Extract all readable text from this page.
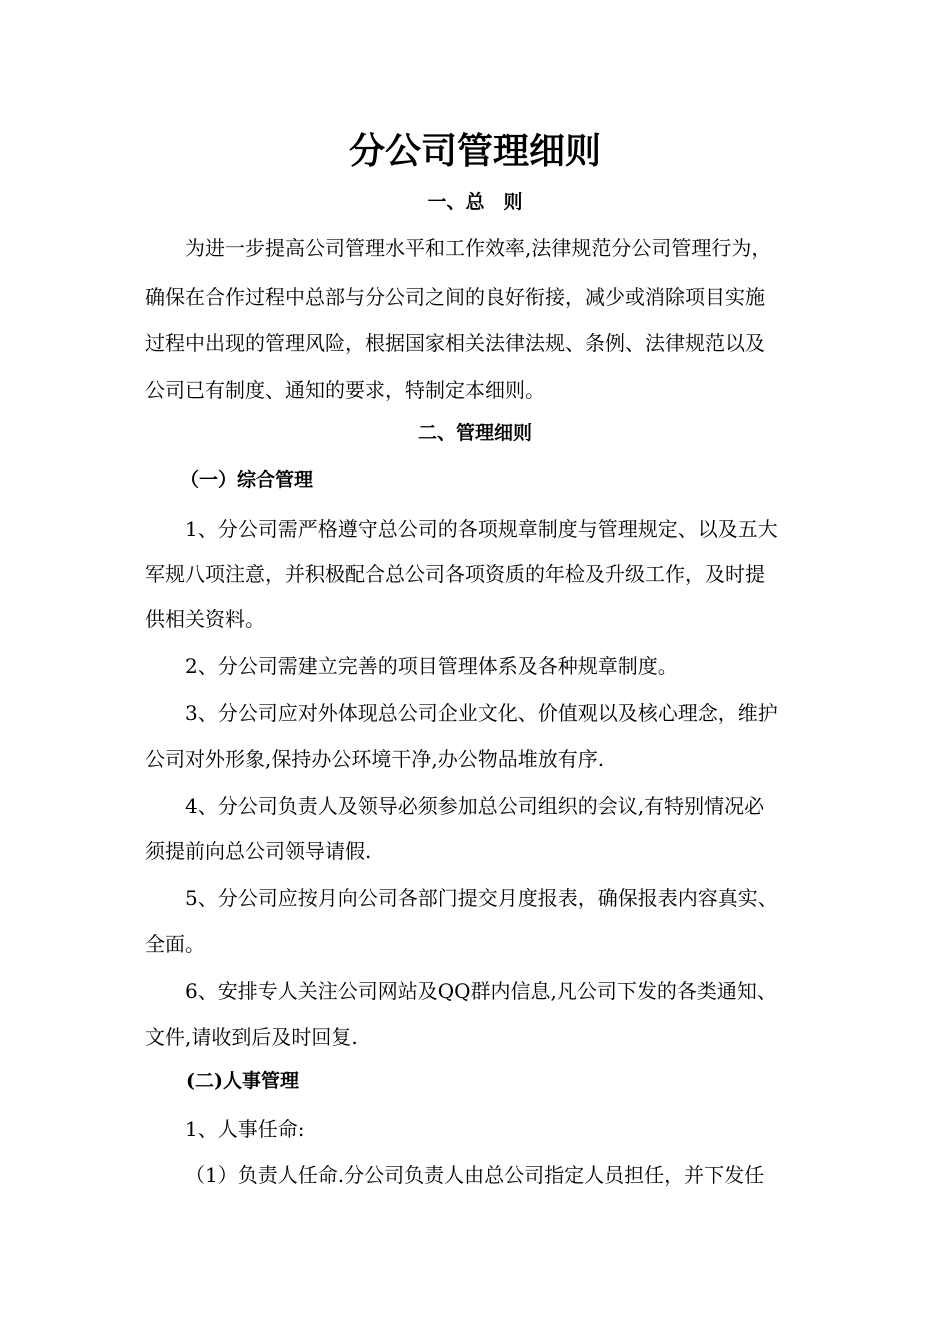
分公司管理细则
一、总　则
为进一步提高公司管理水平和工作效率,法律规范分公司管理行为，
确保在合作过程中总部与分公司之间的良好衔接，减少或消除项目实施
过程中出现的管理风险，根据国家相关法律法规、条例、法律规范以及
公司已有制度、通知的要求，特制定本细则。
二、管理细则
（一）综合管理
1、分公司需严格遵守总公司的各项规章制度与管理规定、以及五大
军规八项注意，并积极配合总公司各项资质的年检及升级工作，及时提
供相关资料。
2、分公司需建立完善的项目管理体系及各种规章制度。
3、分公司应对外体现总公司企业文化、价值观以及核心理念，维护
公司对外形象,保持办公环境干净,办公物品堆放有序.
4、分公司负责人及领导必须参加总公司组织的会议,有特别情况必
须提前向总公司领导请假.
5、分公司应按月向公司各部门提交月度报表，确保报表内容真实、
全面。
6、安排专人关注公司网站及QQ群内信息,凡公司下发的各类通知、
文件,请收到后及时回复.
(二)人事管理
1、人事任命:
（1）负责人任命.分公司负责人由总公司指定人员担任，并下发任
